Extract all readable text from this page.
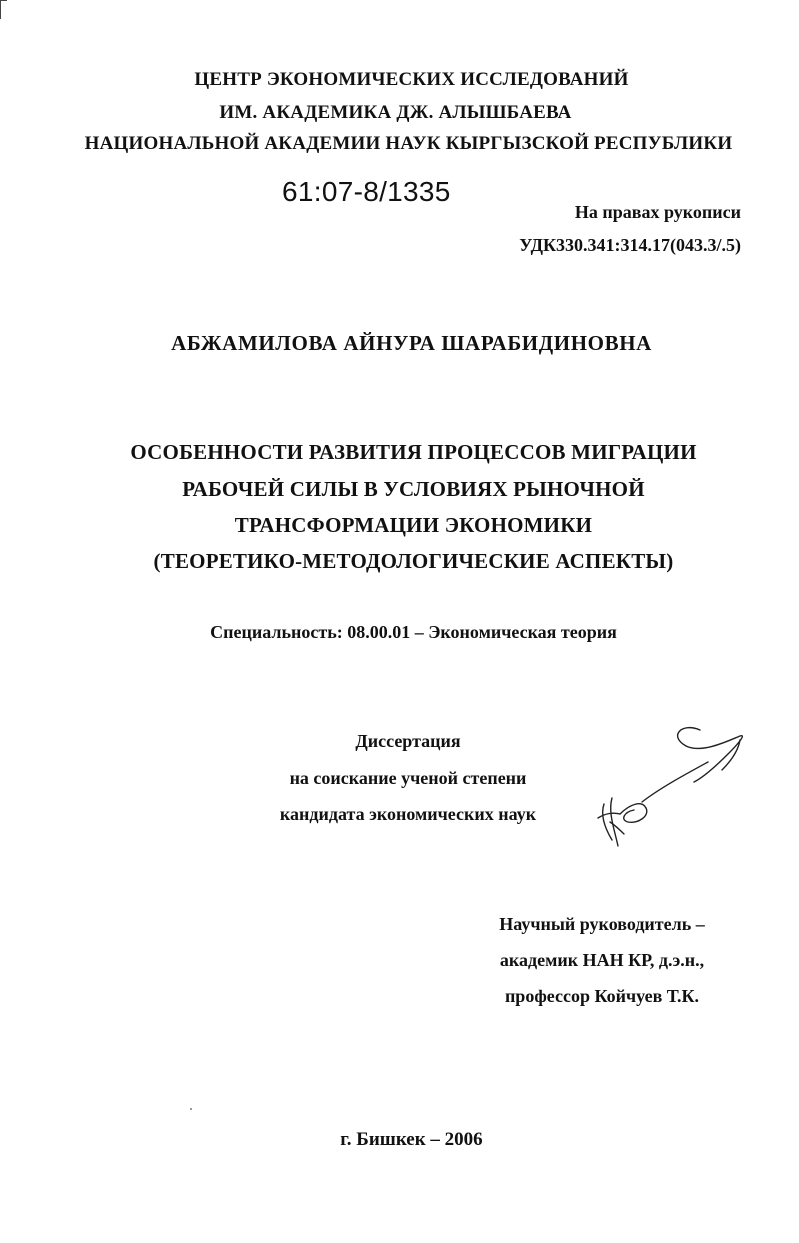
ЦЕНТР ЭКОНОМИЧЕСКИХ ИССЛЕДОВАНИЙ
ИМ. АКАДЕМИКА ДЖ. АЛЫШБАЕВА
НАЦИОНАЛЬНОЙ АКАДЕМИИ НАУК КЫРГЫЗСКОЙ РЕСПУБЛИКИ
61:07-8/1335
На правах рукописи
УДК330.341:314.17(043.3/.5)
АБЖАМИЛОВА АЙНУРА ШАРАБИДИНОВНА
ОСОБЕННОСТИ РАЗВИТИЯ ПРОЦЕССОВ МИГРАЦИИ
РАБОЧЕЙ СИЛЫ В УСЛОВИЯХ РЫНОЧНОЙ
ТРАНСФОРМАЦИИ ЭКОНОМИКИ
(ТЕОРЕТИКО-МЕТОДОЛОГИЧЕСКИЕ АСПЕКТЫ)
Специальность: 08.00.01 – Экономическая теория
Диссертация
на соискание ученой степени
кандидата экономических наук
Научный руководитель –
академик НАН КР, д.э.н.,
профессор Койчуев Т.К.
г. Бишкек – 2006
